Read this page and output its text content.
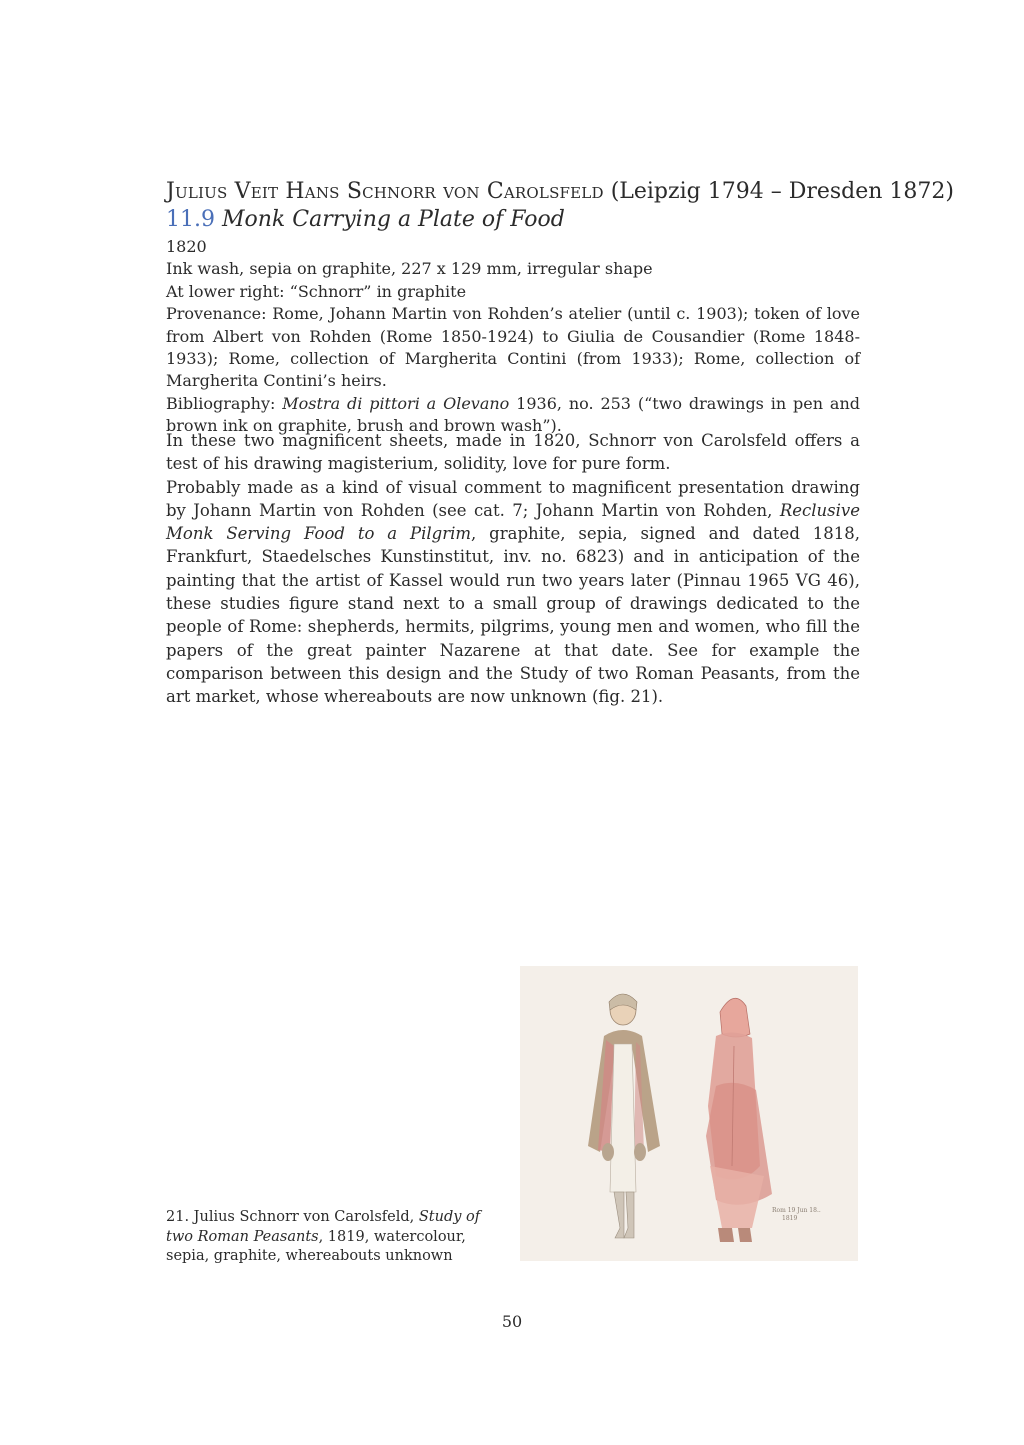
Julius Veit Hans Schnorr von Carolsfeld (Leipzig 1794 – Dresden 1872)
11.9 Monk Carrying a Plate of Food
1820
Ink wash, sepia on graphite, 227 x 129 mm, irregular shape
At lower right: “Schnorr” in graphite
Provenance: Rome, Johann Martin von Rohden’s atelier (until c. 1903); token of love from Albert von Rohden (Rome 1850-1924) to Giulia de Cousandier (Rome 1848-1933); Rome, collection of Margherita Contini (from 1933); Rome, collection of Margherita Contini’s heirs.
Bibliography: Mostra di pittori a Olevano 1936, no. 253 (“two drawings in pen and brown ink on graphite, brush and brown wash”).

In these two magnificent sheets, made in 1820, Schnorr von Carolsfeld offers a test of his drawing magisterium, solidity, love for pure form.

Probably made as a kind of visual comment to magnificent presentation drawing by Johann Martin von Rohden (see cat. 7; Johann Martin von Rohden, Reclusive Monk Serving Food to a Pilgrim, graphite, sepia, signed and dated 1818, Frankfurt, Staedelsches Kunstinstitut, inv. no. 6823) and in anticipation of the painting that the artist of Kassel would run two years later (Pinnau 1965 VG 46), these studies figure stand next to a small group of drawings dedicated to the people of Rome: shepherds, hermits, pilgrims, young men and women, who fill the papers of the great painter Nazarene at that date. See for example the comparison between this design and the Study of two Roman Peasants, from the art market, whose whereabouts are now unknown (fig. 21).

Rom 19 Jun 18..
1819
21. Julius Schnorr von Carolsfeld, Study of two Roman Peasants, 1819, watercolour, sepia, graphite, whereabouts unknown
50
